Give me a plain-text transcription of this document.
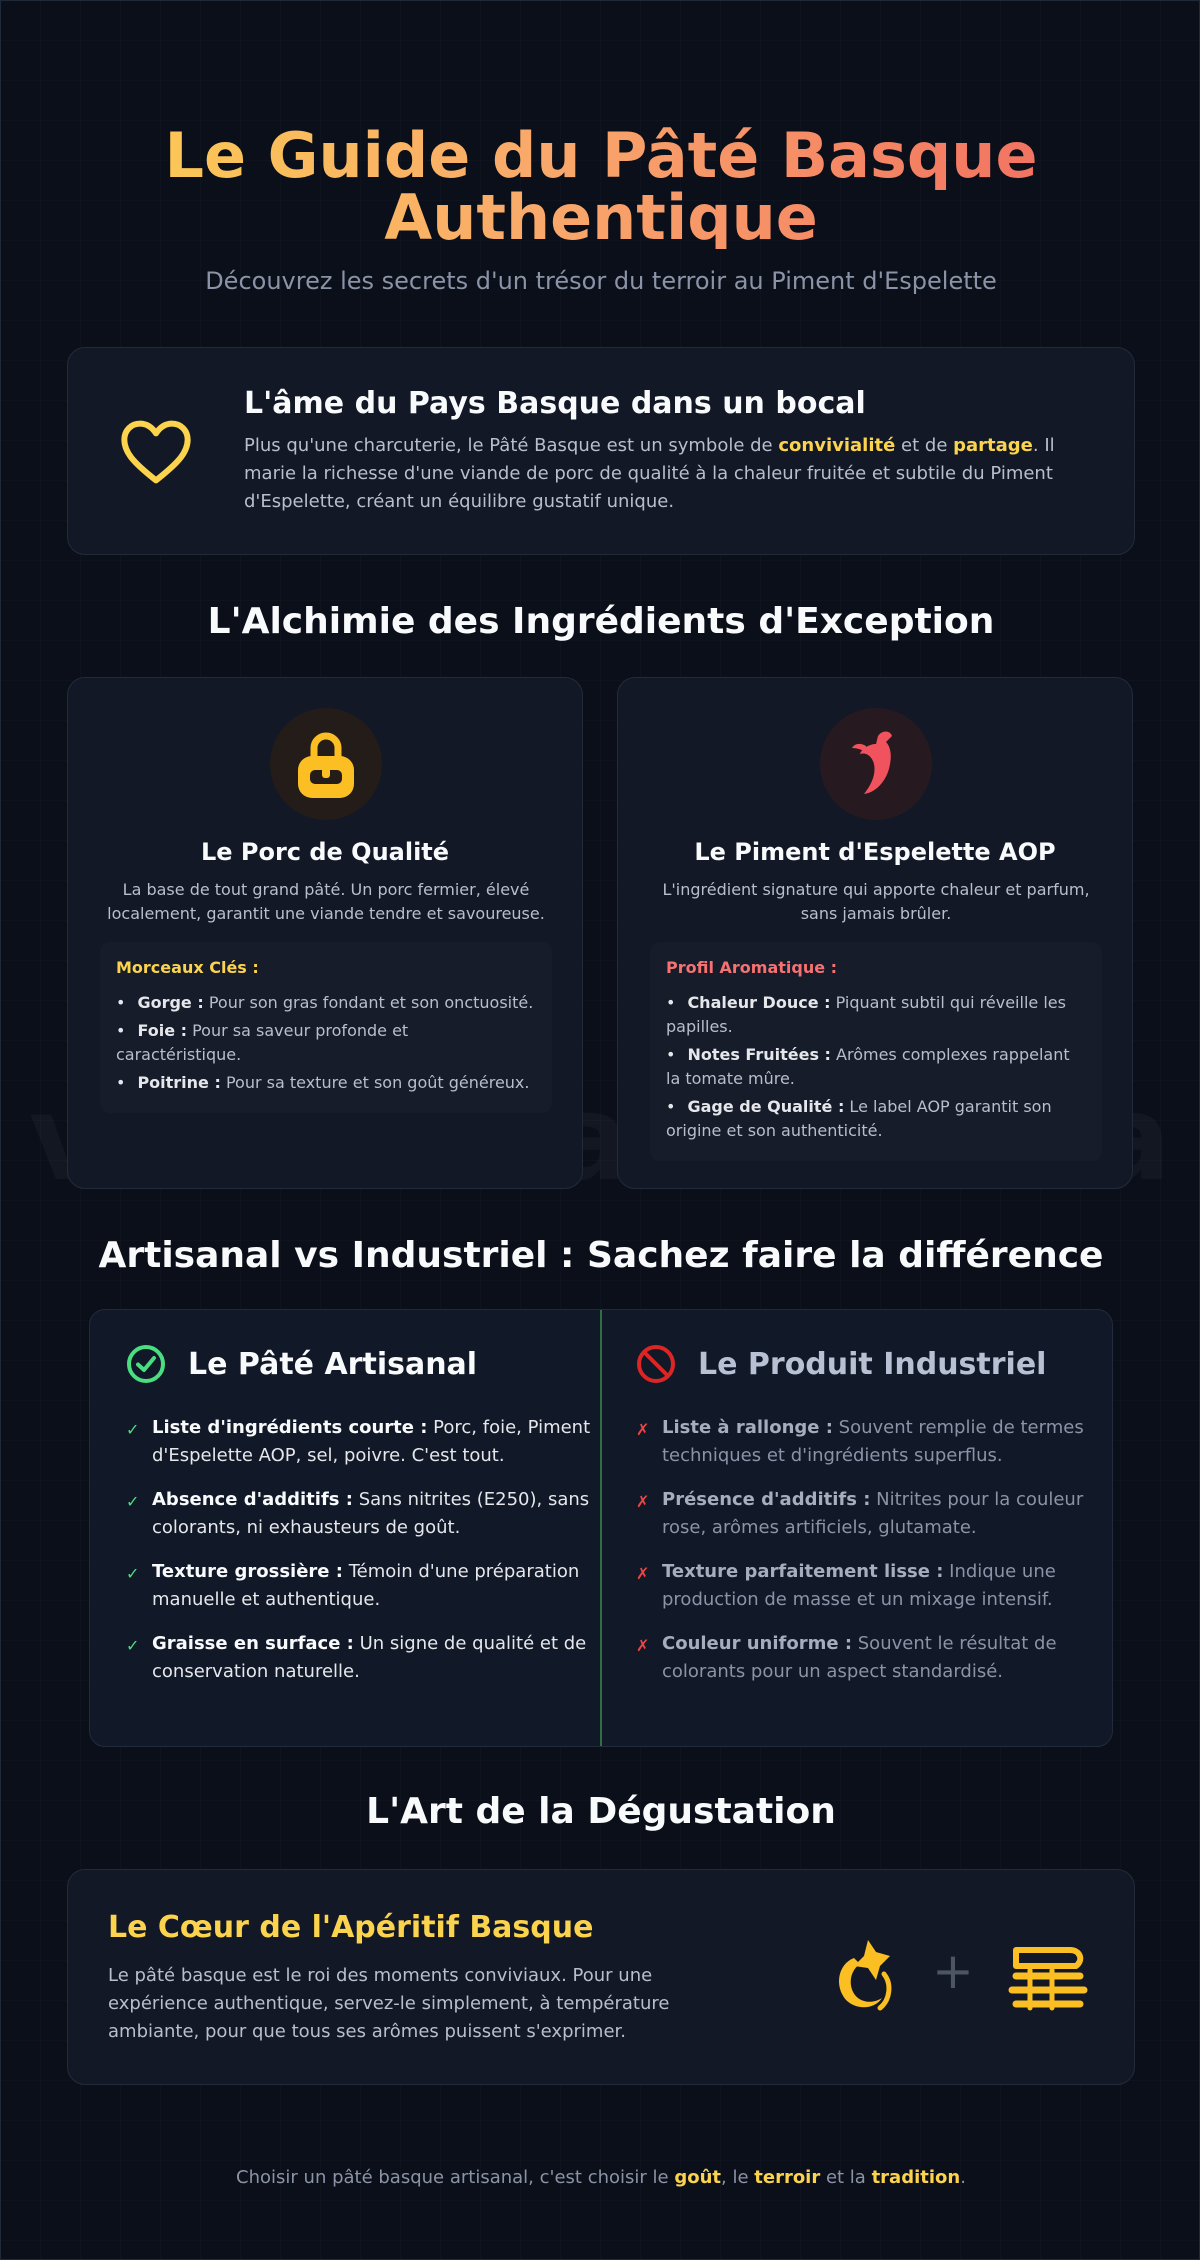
Le Guide du Pâté Basque
Authentique
Découvrez les secrets d'un trésor du terroir au Piment d'Espelette
L'âme du Pays Basque dans un bocal

Plus qu'une charcuterie, le Pâté Basque est un symbole de convivialité et de partage. Il marie la richesse d'une viande de porc de qualité à la chaleur fruitée et subtile du Piment d'Espelette, créant un équilibre gustatif unique.

L'Alchimie des Ingrédients d'Exception
Le Porc de Qualité
La base de tout grand pâté. Un porc fermier, élevé localement, garantit une viande tendre et savoureuse.
Morceaux Clés :
• Gorge : Pour son gras fondant et son onctuosité.
• Foie : Pour sa saveur profonde et caractéristique.
• Poitrine : Pour sa texture et son goût généreux.
Le Piment d'Espelette AOP
L'ingrédient signature qui apporte chaleur et parfum, sans jamais brûler.
Profil Aromatique :
• Chaleur Douce : Piquant subtil qui réveille les papilles.
• Notes Fruitées : Arômes complexes rappelant la tomate mûre.
• Gage de Qualité : Le label AOP garantit son origine et son authenticité.
Artisanal vs Industriel : Sachez faire la différence
Le Pâté Artisanal
✓ Liste d'ingrédients courte : Porc, foie, Piment d'Espelette AOP, sel, poivre. C'est tout.
✓ Absence d'additifs : Sans nitrites (E250), sans colorants, ni exhausteurs de goût.
✓ Texture grossière : Témoin d'une préparation manuelle et authentique.
✓ Graisse en surface : Un signe de qualité et de conservation naturelle.
Le Produit Industriel
✗ Liste à rallonge : Souvent remplie de termes techniques et d'ingrédients superflus.
✗ Présence d'additifs : Nitrites pour la couleur rose, arômes artificiels, glutamate.
✗ Texture parfaitement lisse : Indique une production de masse et un mixage intensif.
✗ Couleur uniforme : Souvent le résultat de colorants pour un aspect standardisé.
L'Art de la Dégustation
Le Cœur de l'Apéritif Basque

Le pâté basque est le roi des moments conviviaux. Pour une expérience authentique, servez-le simplement, à température ambiante, pour que tous ses arômes puissent s'exprimer.

+
Choisir un pâté basque artisanal, c'est choisir le goût, le terroir et la tradition.
